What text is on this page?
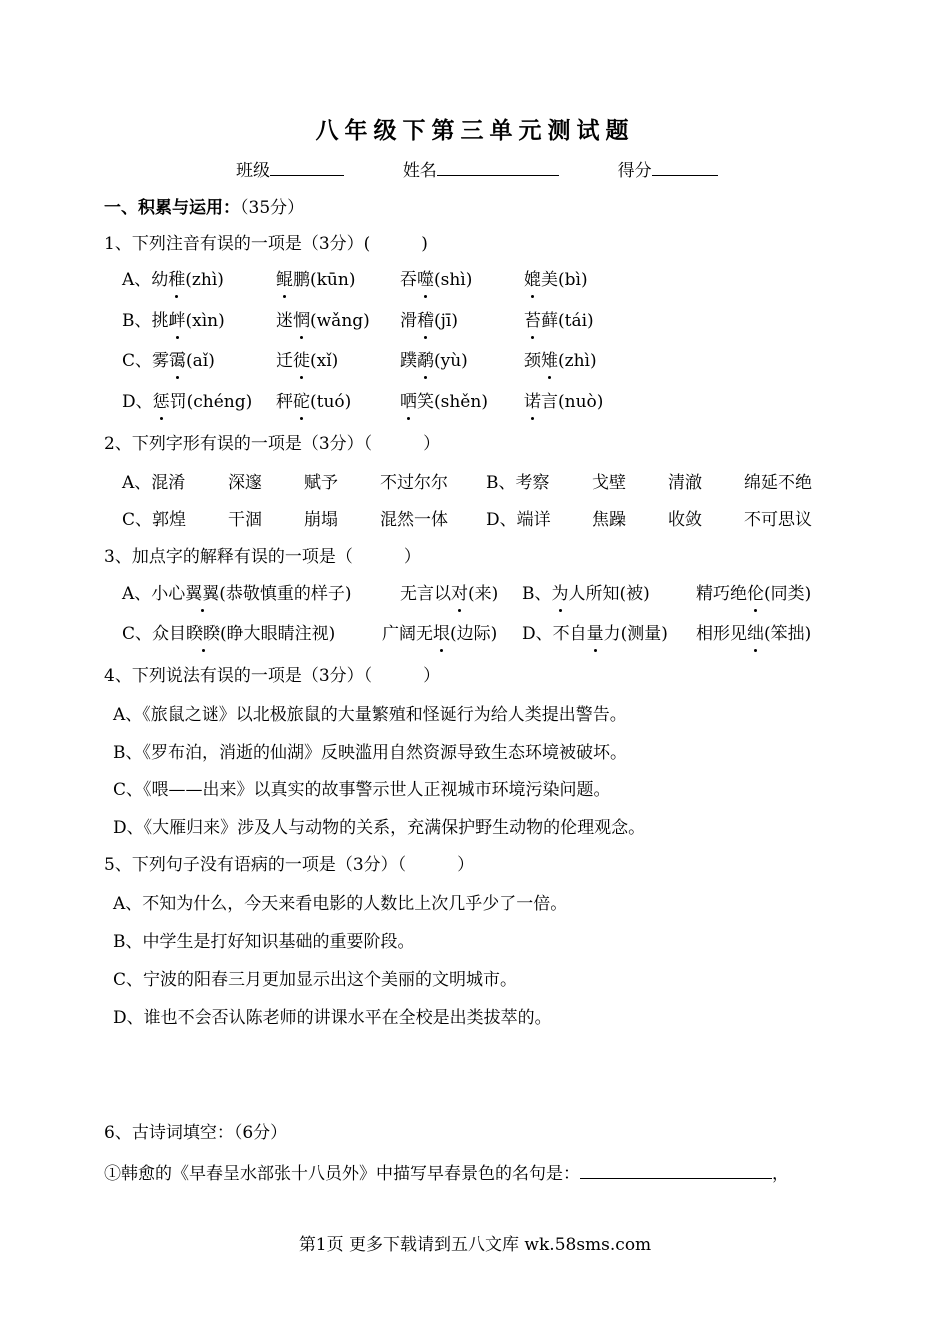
八年级下第三单元测试题
班级	姓名	得分
一、积累与运用：（35分）
1、下列注音有误的一项是（3分）(　　　)
A、幼稚(zhì)	鲲鹏(kūn)	吞噬(shì)	媲美(bì)
B、挑衅(xìn)	迷惘(wǎng) 滑稽(jī)	苔藓(tái)
C、雾霭(aǐ)	迁徙(xǐ)	蹼鹬(yù)	颈雉(zhì)
D、惩罚(chéng) 秤砣(tuó)	哂笑(shěn) 诺言(nuò)
2、下列字形有误的一项是（3分）（　　　）
A、混淆	深邃 赋予 不过尔尔 B、考察	戈壁 清澈 绵延不绝
C、郭煌 干涸 崩塌 混然一体 D、端详 焦躁 收敛 不可思议
3、加点字的解释有误的一项是（　　　）
A、小心翼翼(恭敬慎重的样子)	无言以对(来) B、为人所知(被)	精巧绝伦(同类)
C、众目睽睽(睁大眼睛注视)	广阔无垠(边际) D、不自量力(测量) 相形见绌(笨拙)
4、下列说法有误的一项是（3分）（　　　）
A、《旅鼠之谜》以北极旅鼠的大量繁殖和怪诞行为给人类提出警告。
B、《罗布泊，消逝的仙湖》反映滥用自然资源导致生态环境被破坏。
C、《喂——出来》以真实的故事警示世人正视城市环境污染问题。
D、《大雁归来》涉及人与动物的关系，充满保护野生动物的伦理观念。
5、下列句子没有语病的一项是（3分）（　　　）
A、不知为什么，今天来看电影的人数比上次几乎少了一倍。
B、中学生是打好知识基础的重要阶段。
C、宁波的阳春三月更加显示出这个美丽的文明城市。
D、谁也不会否认陈老师的讲课水平在全校是出类拔萃的。
6、古诗词填空：（6分）
①韩愈的《早春呈水部张十八员外》中描写早春景色的名句是：	，
第1页 更多下载请到五八文库 wk.58sms.com
